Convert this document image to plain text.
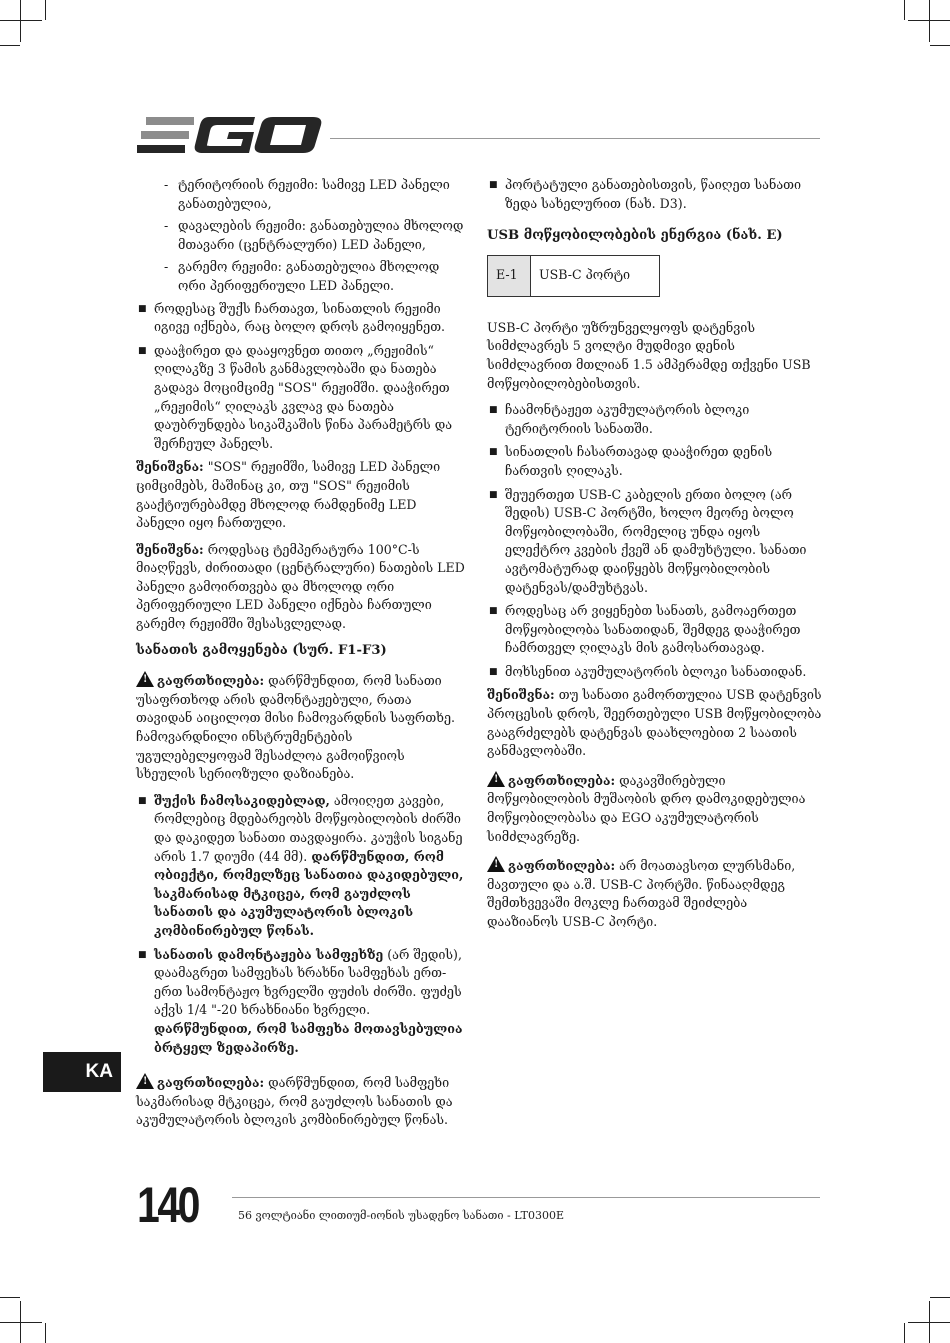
- ტერიტორიის რეჟიმი: სამივე LED პანელი განათებულია,
- დავალების რეჟიმი: განათებულია მხოლოდ მთავარი (ცენტრალური) LED პანელი,
- გარემო რეჟიმი: განათებულია მხოლოდ ორი პერიფერიული LED პანელი.
■ როდესაც შუქს ჩართავთ, სინათლის რეჟიმი იგივე იქნება, რაც ბოლო დროს გამოიყენეთ.
■ დააჭირეთ და დააყოვნეთ თითო „რეჟიმის“ ღილაკზე 3 წამის განმავლობაში და ნათება გადავა მოციმციმე "SOS" რეჟიმში. დააჭირეთ „რეჟიმის“ ღილაკს კვლავ და ნათება დაუბრუნდება სიკაშკაშის წინა პარამეტრს და შერჩეულ პანელს.

შენიშვნა: "SOS" რეჟიმში, სამივე LED პანელი ციმციმებს, მაშინაც კი, თუ "SOS" რეჟიმის გააქტიურებამდე მხოლოდ რამდენიმე LED პანელი იყო ჩართული.

შენიშვნა: როდესაც ტემპერატურა 100°C-ს მიაღწევს, ძირითადი (ცენტრალური) ნათების LED პანელი გამოირთვება და მხოლოდ ორი პერიფერიული LED პანელი იქნება ჩართული გარემო რეჟიმში შესასვლელად.

სანათის გამოყენება (სურ. F1-F3)

!გაფრთხილება: დარწმუნდით, რომ სანათი უსაფრთხოდ არის დამონტაჟებული, რათა თავიდან აიცილოთ მისი ჩამოვარდნის საფრთხე. ჩამოვარდნილი ინსტრუმენტების უგულებელყოფამ შესაძლოა გამოიწვიოს სხეულის სერიოზული დაზიანება.

■ შუქის ჩამოსაკიდებლად, ამოიღეთ კავები, რომლებიც მდებარეობს მოწყობილობის ძირში და დაკიდეთ სანათი თავდაყირა. კაუჭის სიგანე არის 1.7 დიუმი (44 მმ). დარწმუნდით, რომ ობიექტი, რომელზეც სანათია დაკიდებული, საკმარისად მტკიცეა, რომ გაუძლოს სანათის და აკუმულატორის ბლოკის კომბინირებულ წონას.
■ სანათის დამონტაჟება სამფეხზე (არ შედის), დაამაგრეთ სამფეხას ხრახნი სამფეხას ერთ-ერთ სამონტაჟო ხვრელში ფუძის ძირში. ფუძეს აქვს 1/4 "-20 ხრახნიანი ხვრელი. დარწმუნდით, რომ სამფეხა მოთავსებულია ბრტყელ ზედაპირზე.

!გაფრთხილება: დარწმუნდით, რომ სამფეხი საკმარისად მტკიცეა, რომ გაუძლოს სანათის და აკუმულატორის ბლოკის კომბინირებულ წონას.

■ პორტატული განათებისთვის, წაიღეთ სანათი ზედა სახელურით (ნახ. D3).
USB მოწყობილობების ენერგია (ნახ. E)
E-1	USB-C პორტი

USB-C პორტი უზრუნველყოფს დატენვის სიმძლავრეს 5 ვოლტი მუდმივი დენის სიმძლავრით მთლიან 1.5 ამპერამდე თქვენი USB მოწყობილობებისთვის.

■ ჩაამონტაჟეთ აკუმულატორის ბლოკი ტერიტორიის სანათში.
■ სინათლის ჩასართავად დააჭირეთ დენის ჩართვის ღილაკს.
■ შეუერთეთ USB-C კაბელის ერთი ბოლო (არ შედის) USB-C პორტში, ხოლო მეორე ბოლო მოწყობილობაში, რომელიც უნდა იყოს ელექტრო კვების ქვეშ ან დამუხტული. სანათი ავტომატურად დაიწყებს მოწყობილობის დატენვას/დამუხტვას.
■ როდესაც არ ვიყენებთ სანათს, გამოაერთეთ მოწყობილობა სანათიდან, შემდეგ დააჭირეთ ჩამრთველ ღილაკს მის გამოსართავად.
■ მოხსენით აკუმულატორის ბლოკი სანათიდან.

შენიშვნა: თუ სანათი გამორთულია USB დატენვის პროცესის დროს, შეერთებული USB მოწყობილობა გააგრძელებს დატენვას დაახლოებით 2 საათის განმავლობაში.

!გაფრთხილება: დაკავშირებული მოწყობილობის მუშაობის დრო დამოკიდებულია მოწყობილობასა და EGO აკუმულატორის სიმძლავრეზე.

!გაფრთხილება: არ მოათავსოთ ლურსმანი, მავთული და ა.შ. USB-C პორტში. წინააღმდეგ შემთხვევაში მოკლე ჩართვამ შეიძლება დააზიანოს USB-C პორტი.

KA
140	56 ვოლტიანი ლითიუმ-იონის უსადენო სანათი - LT0300E
